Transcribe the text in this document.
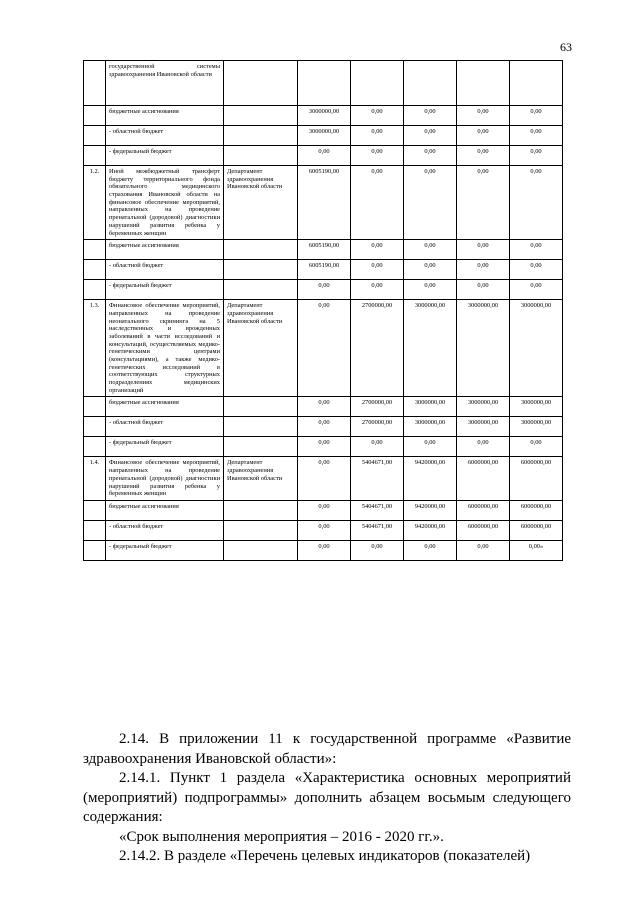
63
	государственной системы здравоохранения Ивановской области						
	бюджетные ассигнования		3000000,00	0,00	0,00	0,00	0,00
	- областной бюджет		3000000,00	0,00	0,00	0,00	0,00
	- федеральный бюджет		0,00	0,00	0,00	0,00	0,00
1.2.	Иной межбюджетный трансферт бюджету территориального фонда обязательного медицинского страхования Ивановской области на финансовое обеспечение мероприятий, направленных на проведение пренатальной (дородовой) диагностики нарушений развития ребенка у беременных женщин	Департамент здравоохранения Ивановской области	6005190,00	0,00	0,00	0,00	0,00
	бюджетные ассигнования		6005190,00	0,00	0,00	0,00	0,00
	- областной бюджет		6005190,00	0,00	0,00	0,00	0,00
	- федеральный бюджет		0,00	0,00	0,00	0,00	0,00
1.3.	Финансовое обеспечение мероприятий, направленных на проведение неонатального скрининга на 5 наследственных и врожденных заболеваний в части исследований и консультаций, осуществляемых медико-генетическими центрами (консультациями), а также медико-генетических исследований в соответствующих структурных подразделениях медицинских организаций	Департамент здравоохранения Ивановской области	0,00	2700000,00	3000000,00	3000000,00	3000000,00
	бюджетные ассигнования		0,00	2700000,00	3000000,00	3000000,00	3000000,00
	- областной бюджет		0,00	2700000,00	3000000,00	3000000,00	3000000,00
	- федеральный бюджет		0,00	0,00	0,00	0,00	0,00
1.4.	Финансовое обеспечение мероприятий, направленных на проведение пренатальной (дородовой) диагностики нарушений развития ребенка у беременных женщин	Департамент здравоохранения Ивановской области	0,00	5404671,00	9420000,00	6000000,00	6000000,00
	бюджетные ассигнования		0,00	5404671,00	9420000,00	6000000,00	6000000,00
	- областной бюджет		0,00	5404671,00	9420000,00	6000000,00	6000000,00
	- федеральный бюджет		0,00	0,00	0,00	0,00	0,00»

2.14. В приложении 11 к государственной программе «Развитие здравоохранения Ивановской области»:

2.14.1. Пункт 1 раздела «Характеристика основных мероприятий (мероприятий) подпрограммы» дополнить абзацем восьмым следующего содержания:

«Срок выполнения мероприятия – 2016 - 2020 гг.».

2.14.2. В разделе «Перечень целевых индикаторов (показателей)
